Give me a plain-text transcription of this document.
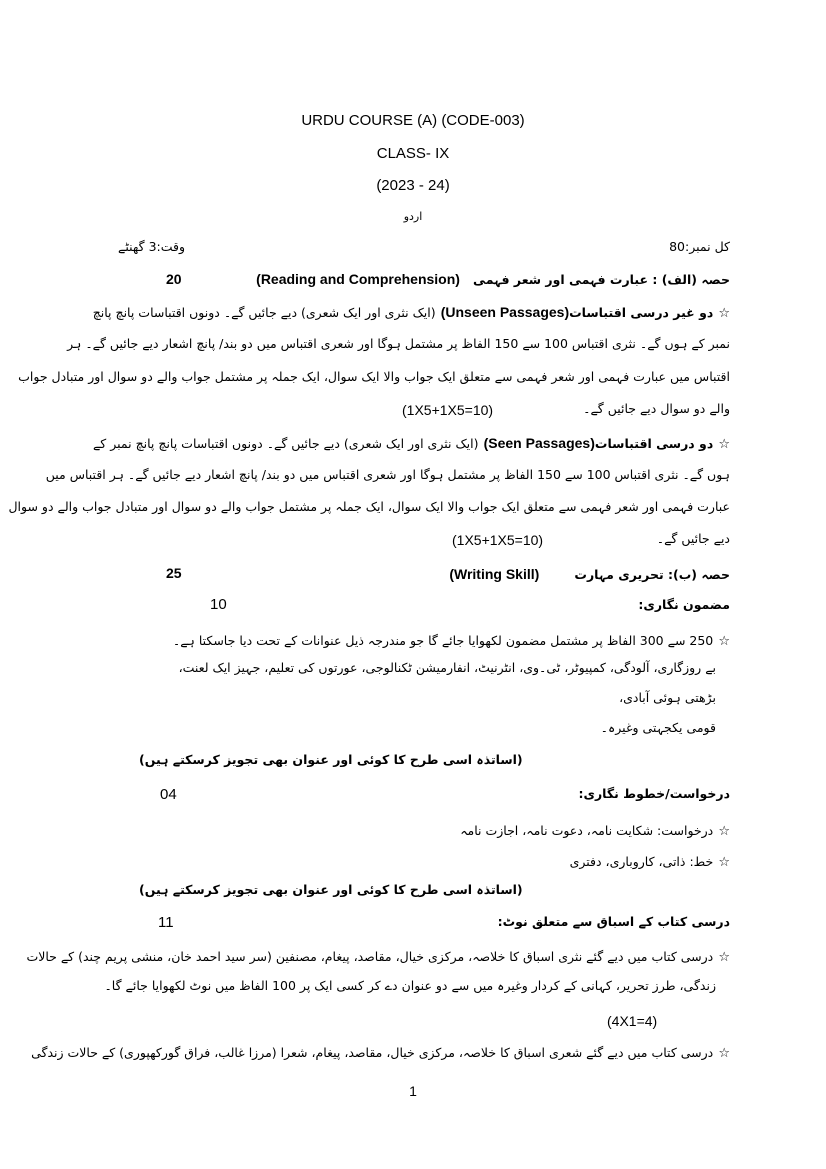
URDU COURSE (A) (CODE-003)
CLASS- IX
(2023 - 24)
اردو
کل نمبر:80
وقت:3 گھنٹے
حصہ (الف) : عبارت فہمی اور شعر فہمی (Reading and Comprehension)
20
☆ دو غیر درسی اقتباسات(Unseen Passages) (ایک نثری اور ایک شعری) دیے جائیں گے۔ دونوں اقتباسات پانچ پانچ
نمبر کے ہوں گے۔ نثری اقتباس 100 سے 150 الفاظ پر مشتمل ہوگا اور شعری اقتباس میں دو بند/ پانچ اشعار دیے جائیں گے۔ ہر
اقتباس میں عبارت فہمی اور شعر فہمی سے متعلق ایک جواب والا ایک سوال، ایک جملہ پر مشتمل جواب والے دو سوال اور متبادل جواب
والے دو سوال دیے جائیں گے۔
(1X5+1X5=10)
☆ دو درسی اقتباسات(Seen Passages) (ایک نثری اور ایک شعری) دیے جائیں گے۔ دونوں اقتباسات پانچ پانچ نمبر کے
ہوں گے۔ نثری اقتباس 100 سے 150 الفاظ پر مشتمل ہوگا اور شعری اقتباس میں دو بند/ پانچ اشعار دیے جائیں گے۔ ہر اقتباس میں
عبارت فہمی اور شعر فہمی سے متعلق ایک جواب والا ایک سوال، ایک جملہ پر مشتمل جواب والے دو سوال اور متبادل جواب والے دو سوال
دیے جائیں گے۔
(1X5+1X5=10)
حصہ (ب): تحریری مہارت (Writing Skill)
25
مضمون نگاری:
10
☆ 250 سے 300 الفاظ پر مشتمل مضمون لکھوایا جائے گا جو مندرجہ ذیل عنوانات کے تحت دیا جاسکتا ہے۔
بے روزگاری، آلودگی، کمپیوٹر، ٹی۔وی، انٹرنیٹ، انفارمیشن ٹکنالوجی، عورتوں کی تعلیم، جہیز ایک لعنت،
بڑھتی ہوئی آبادی،
قومی یکجہتی وغیرہ۔
(اساتذہ اسی طرح کا کوئی اور عنوان بھی تجویز کرسکتے ہیں)
درخواست/خطوط نگاری:
04
☆ درخواست: شکایت نامہ، دعوت نامہ، اجازت نامہ
☆ خط: ذاتی، کاروباری، دفتری
(اساتذہ اسی طرح کا کوئی اور عنوان بھی تجویز کرسکتے ہیں)
درسی کتاب کے اسباق سے متعلق نوٹ:
11
☆ درسی کتاب میں دیے گئے نثری اسباق کا خلاصہ، مرکزی خیال، مقاصد، پیغام، مصنفین (سر سید احمد خان، منشی پریم چند) کے حالات
زندگی، طرز تحریر، کہانی کے کردار وغیرہ میں سے دو عنوان دے کر کسی ایک پر 100 الفاظ میں نوٹ لکھوایا جائے گا۔
(4X1=4)
☆ درسی کتاب میں دیے گئے شعری اسباق کا خلاصہ، مرکزی خیال، مقاصد، پیغام، شعرا (مرزا غالب، فراق گورکھپوری) کے حالات زندگی
1
